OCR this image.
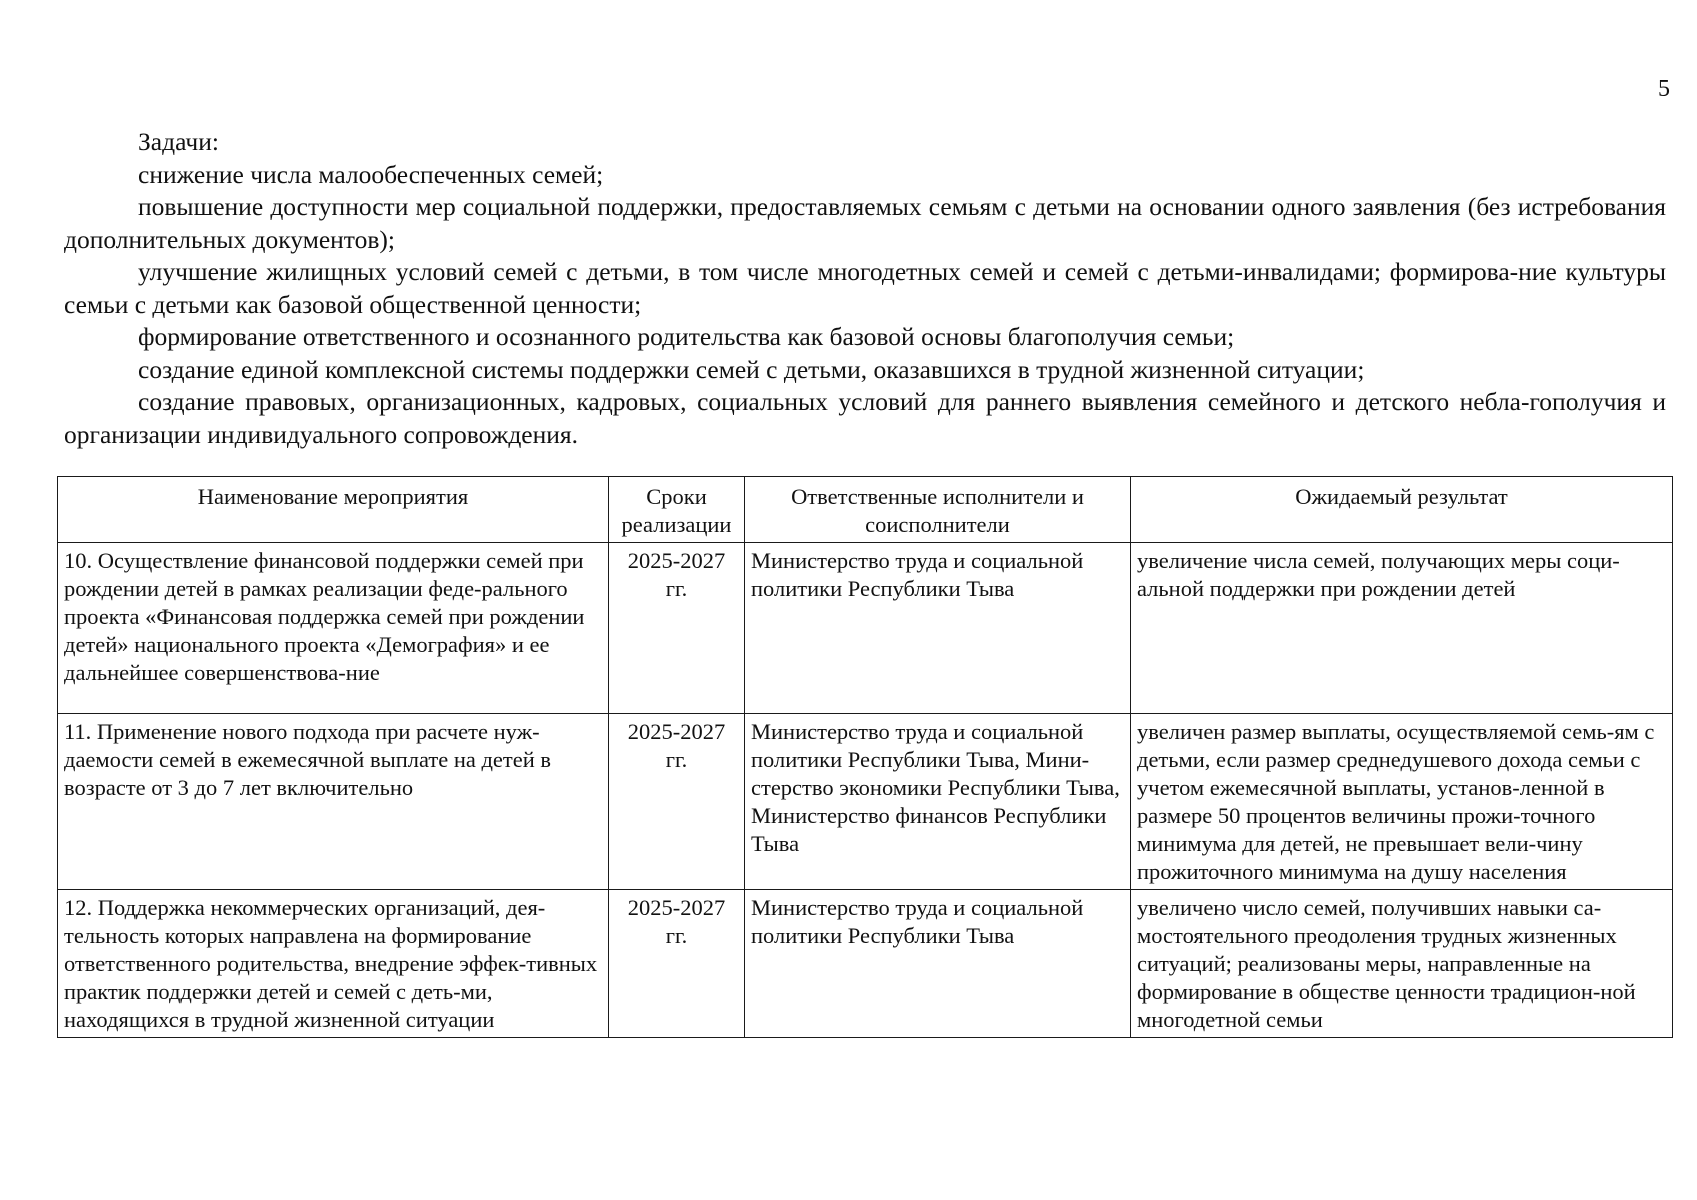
5

Задачи:

снижение числа малообеспеченных семей;

повышение доступности мер социальной поддержки, предоставляемых семьям с детьми на основании одного заявления (без истребования дополнительных документов);

улучшение жилищных условий семей с детьми, в том числе многодетных семей и семей с детьми-инвалидами; формирова-ние культуры семьи с детьми как базовой общественной ценности;

формирование ответственного и осознанного родительства как базовой основы благополучия семьи;

создание единой комплексной системы поддержки семей с детьми, оказавшихся в трудной жизненной ситуации;

создание правовых, организационных, кадровых, социальных условий для раннего выявления семейного и детского небла-гополучия и организации индивидуального сопровождения.

Наименование мероприятия	Сроки реализации	Ответственные исполнители и соисполнители	Ожидаемый результат
10. Осуществление финансовой поддержки семей при рождении детей в рамках реализации феде-рального проекта «Финансовая поддержка семей при рождении детей» национального проекта «Демография» и ее дальнейшее совершенствова-ние	2025-2027 гг.	Министерство труда и социальной политики Республики Тыва	увеличение числа семей, получающих меры соци-альной поддержки при рождении детей
11. Применение нового подхода при расчете нуж-даемости семей в ежемесячной выплате на детей в возрасте от 3 до 7 лет включительно	2025-2027 гг.	Министерство труда и социальной политики Республики Тыва, Мини-стерство экономики Республики Тыва, Министерство финансов Республики Тыва	увеличен размер выплаты, осуществляемой семь-ям с детьми, если размер среднедушевого дохода семьи с учетом ежемесячной выплаты, установ-ленной в размере 50 процентов величины прожи-точного минимума для детей, не превышает вели-чину прожиточного минимума на душу населения
12. Поддержка некоммерческих организаций, дея-тельность которых направлена на формирование ответственного родительства, внедрение эффек-тивных практик поддержки детей и семей с деть-ми, находящихся в трудной жизненной ситуации	2025-2027 гг.	Министерство труда и социальной политики Республики Тыва	увеличено число семей, получивших навыки са-мостоятельного преодоления трудных жизненных ситуаций; реализованы меры, направленные на формирование в обществе ценности традицион-ной многодетной семьи
